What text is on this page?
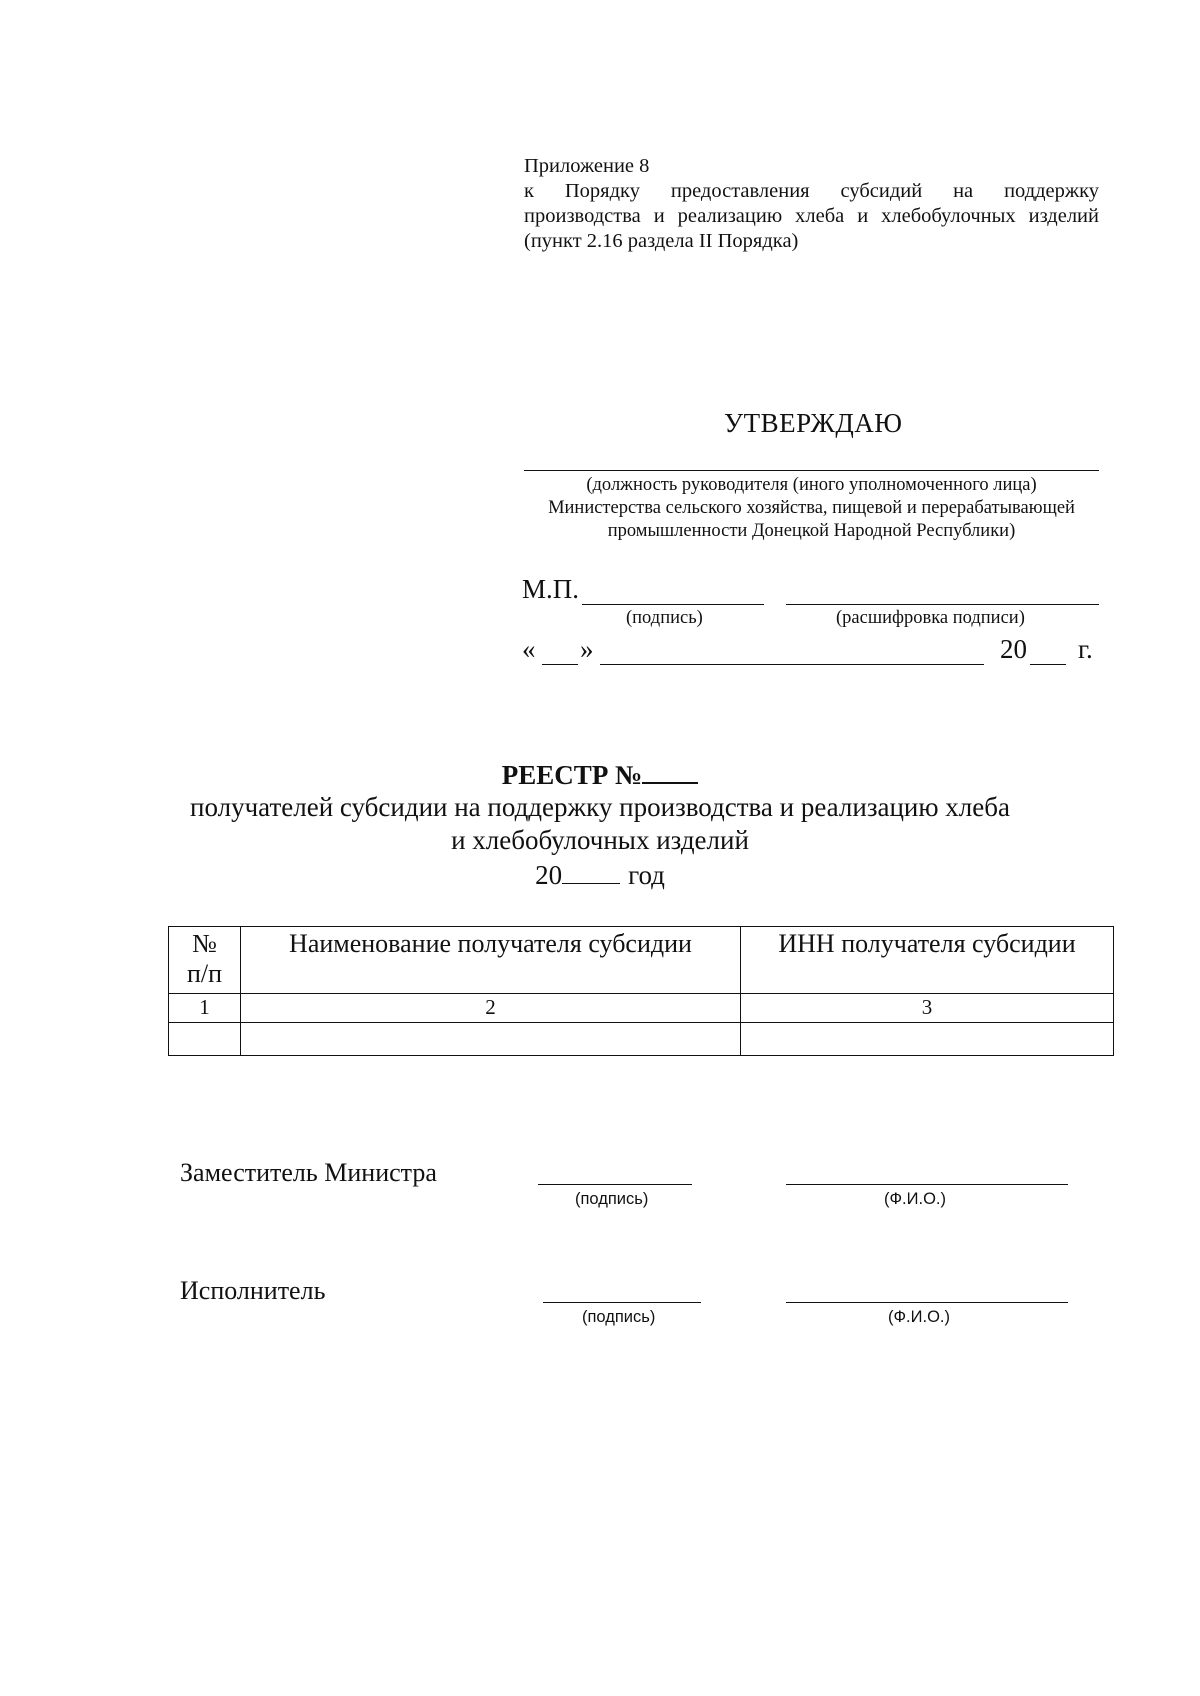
Приложение 8
к Порядку предоставления субсидий на поддержку
производства и реализацию хлеба и хлебобулочных изделий
(пункт 2.16 раздела II Порядка)
УТВЕРЖДАЮ
(должность руководителя (иного уполномоченного лица)
Министерства сельского хозяйства, пищевой и перерабатывающей
промышленности Донецкой Народной Республики)
М.П.
(подпись)	(расшифровка подписи)
« »	20 г.
РЕЕСТР №
получателей субсидии на поддержку производства и реализацию хлеба
и хлебобулочных изделий
20 год
№
п/п	Наименование получателя субсидии	ИНН получателя субсидии
1	2	3

Заместитель Министра
(подпись)	(Ф.И.О.)
Исполнитель
(подпись)	(Ф.И.О.)
